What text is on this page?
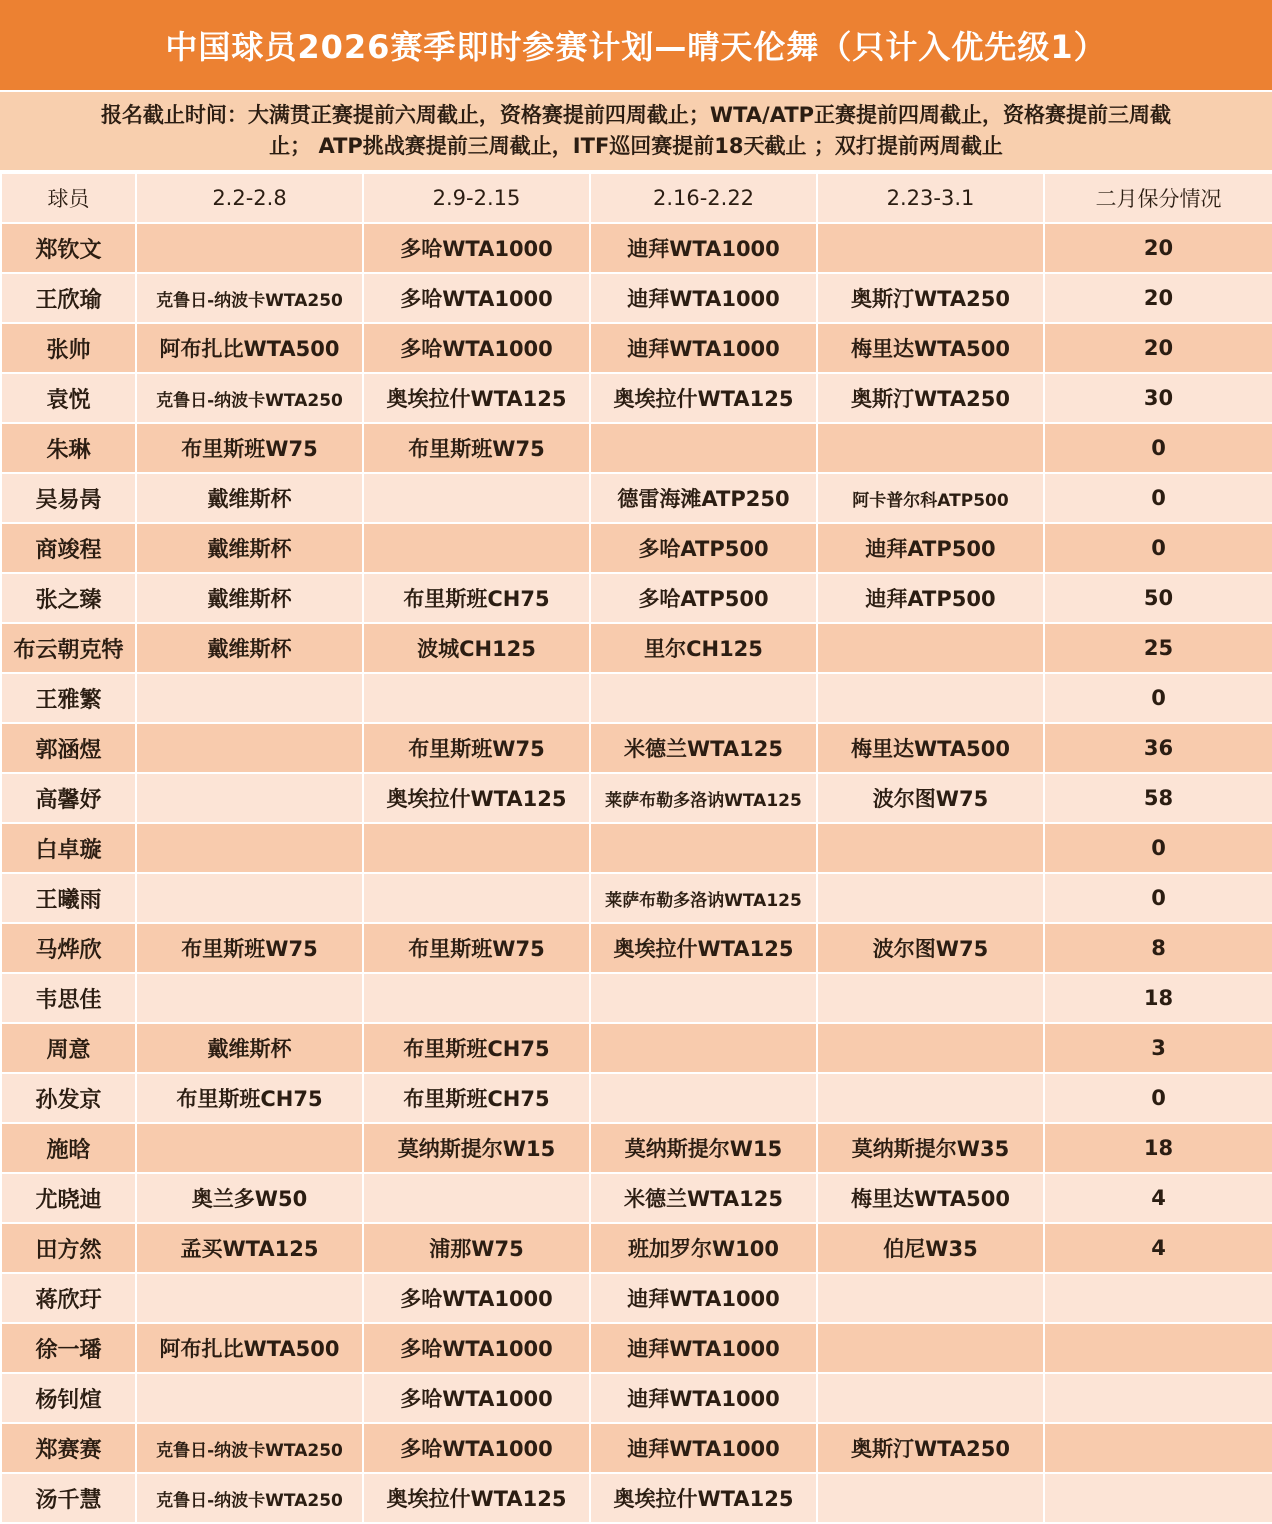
中国球员2026赛季即时参赛计划—晴天伦舞（只计入优先级1）
报名截止时间：大满贯正赛提前六周截止，资格赛提前四周截止；WTA/ATP正赛提前四周截止，资格赛提前三周截
止； ATP挑战赛提前三周截止，ITF巡回赛提前18天截止 ；双打提前两周截止
球员	2.2-2.8	2.9-2.15	2.16-2.22	2.23-3.1	二月保分情况
郑钦文		多哈WTA1000	迪拜WTA1000		20
王欣瑜	克鲁日-纳波卡WTA250	多哈WTA1000	迪拜WTA1000	奥斯汀WTA250	20
张帅	阿布扎比WTA500	多哈WTA1000	迪拜WTA1000	梅里达WTA500	20
袁悦	克鲁日-纳波卡WTA250	奥埃拉什WTA125	奥埃拉什WTA125	奥斯汀WTA250	30
朱琳	布里斯班W75	布里斯班W75			0
吴易昺	戴维斯杯		德雷海滩ATP250	阿卡普尔科ATP500	0
商竣程	戴维斯杯		多哈ATP500	迪拜ATP500	0
张之臻	戴维斯杯	布里斯班CH75	多哈ATP500	迪拜ATP500	50
布云朝克特	戴维斯杯	波城CH125	里尔CH125		25
王雅繁					0
郭涵煜		布里斯班W75	米德兰WTA125	梅里达WTA500	36
高馨妤		奥埃拉什WTA125	莱萨布勒多洛讷WTA125	波尔图W75	58
白卓璇					0
王曦雨			莱萨布勒多洛讷WTA125		0
马烨欣	布里斯班W75	布里斯班W75	奥埃拉什WTA125	波尔图W75	8
韦思佳					18
周意	戴维斯杯	布里斯班CH75			3
孙发京	布里斯班CH75	布里斯班CH75			0
施晗		莫纳斯提尔W15	莫纳斯提尔W15	莫纳斯提尔W35	18
尤晓迪	奥兰多W50		米德兰WTA125	梅里达WTA500	4
田方然	孟买WTA125	浦那W75	班加罗尔W100	伯尼W35	4
蒋欣玗		多哈WTA1000	迪拜WTA1000		
徐一璠	阿布扎比WTA500	多哈WTA1000	迪拜WTA1000		
杨钊煊		多哈WTA1000	迪拜WTA1000		
郑赛赛	克鲁日-纳波卡WTA250	多哈WTA1000	迪拜WTA1000	奥斯汀WTA250	
汤千慧	克鲁日-纳波卡WTA250	奥埃拉什WTA125	奥埃拉什WTA125		
